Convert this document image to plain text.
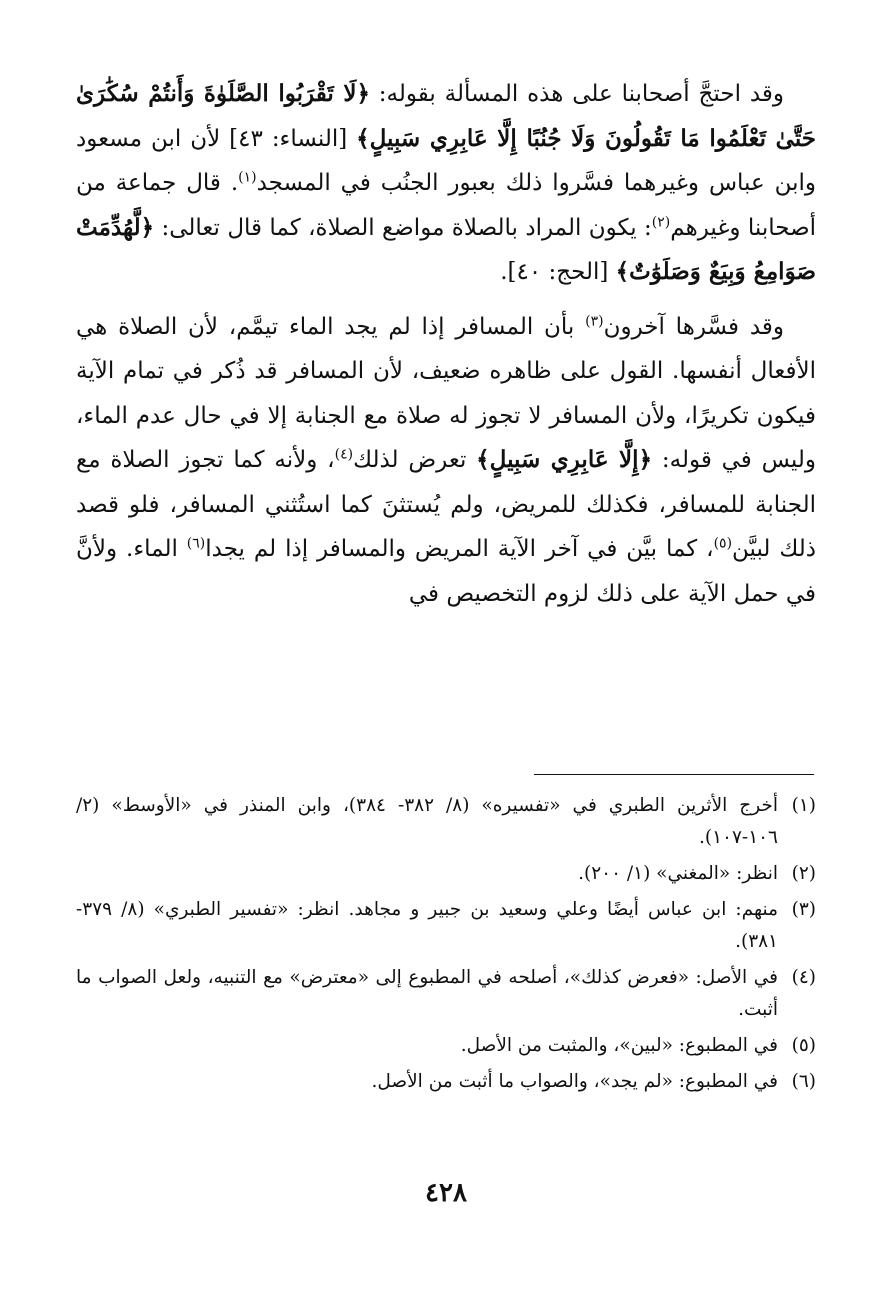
وقد احتجَّ أصحابنا على هذه المسألة بقوله: ﴿لَا تَقْرَبُوا الصَّلَوٰةَ وَأَنتُمْ سُكَٰرَىٰ حَتَّىٰ تَعْلَمُوا مَا تَقُولُونَ وَلَا جُنُبًا إِلَّا عَابِرِي سَبِيلٍ﴾ [النساء: ٤٣] لأن ابن مسعود وابن عباس وغيرهما فسَّروا ذلك بعبور الجنُب في المسجد$^{(١)}$. قال جماعة من أصحابنا وغيرهم$^{(٢)}$: يكون المراد بالصلاة مواضع الصلاة، كما قال تعالى: ﴿لَّهُدِّمَتْ صَوَامِعُ وَبِيَعٌ وَصَلَوَٰتٌ﴾ [الحج: ٤٠].

وقد فسَّرها آخرون$^{(٣)}$ بأن المسافر إذا لم يجد الماء تيمَّم، لأن الصلاة هي الأفعال أنفسها. القول على ظاهره ضعيف، لأن المسافر قد ذُكر في تمام الآية فيكون تكريرًا، ولأن المسافر لا تجوز له صلاة مع الجنابة إلا في حال عدم الماء، وليس في قوله: ﴿إِلَّا عَابِرِي سَبِيلٍ﴾ تعرض لذلك$^{(٤)}$، ولأنه كما تجوز الصلاة مع الجنابة للمسافر، فكذلك للمريض، ولم يُستثنَ كما استُثني المسافر، فلو قصد ذلك لبيَّن$^{(٥)}$، كما بيَّن في آخر الآية المريض والمسافر إذا لم يجدا$^{(٦)}$ الماء. ولأنَّ في حمل الآية على ذلك لزوم التخصيص في

(١)
أخرج الأثرين الطبري في «تفسيره» (٨/ ٣٨٢- ٣٨٤)، وابن المنذر في «الأوسط» (٢/ ١٠٦-١٠٧).
(٢)
انظر: «المغني» (١/ ٢٠٠).
(٣)
منهم: ابن عباس أيضًا وعلي وسعيد بن جبير و مجاهد. انظر: «تفسير الطبري» (٨/ ٣٧٩- ٣٨١).
(٤)
في الأصل: «فعرض كذلك»، أصلحه في المطبوع إلى «معترض» مع التنبيه، ولعل الصواب ما أثبت.
(٥)
في المطبوع: «لبين»، والمثبت من الأصل.
(٦)
في المطبوع: «لم يجد»، والصواب ما أثبت من الأصل.
٤٢٨
